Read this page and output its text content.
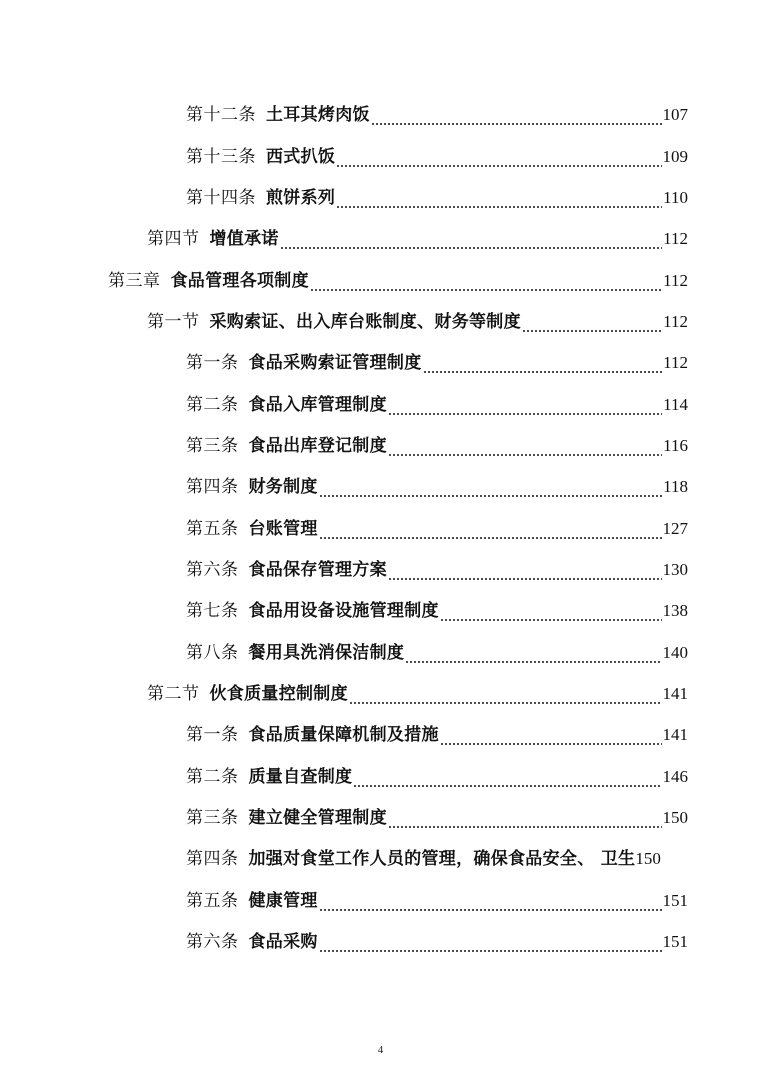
第十二条 土耳其烤肉饭	107
第十三条 西式扒饭	109
第十四条 煎饼系列	110
第四节 增值承诺	112
第三章 食品管理各项制度	112
第一节 采购索证、出入库台账制度、财务等制度	112
第一条 食品采购索证管理制度	112
第二条 食品入库管理制度	114
第三条 食品出库登记制度	116
第四条 财务制度	118
第五条 台账管理	127
第六条 食品保存管理方案	130
第七条 食品用设备设施管理制度	138
第八条 餐用具洗消保洁制度	140
第二节 伙食质量控制制度	141
第一条 食品质量保障机制及措施	141
第二条 质量自查制度	146
第三条 建立健全管理制度	150
第四条 加强对食堂工作人员的管理，确保食品安全、 卫生 150
第五条 健康管理	151
第六条 食品采购	151
4
